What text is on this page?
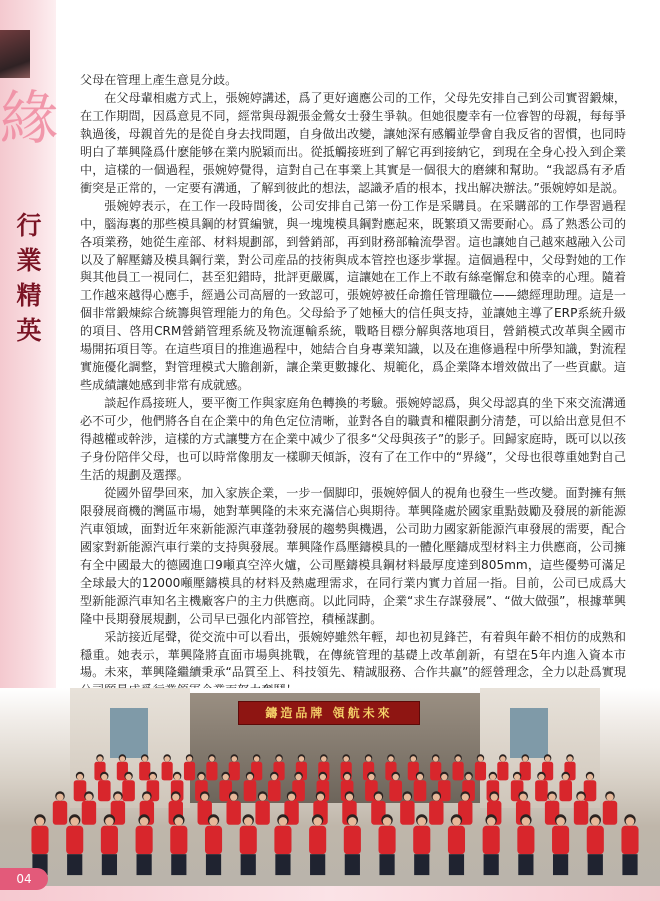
緣
行業精英

父母在管理上產生意見分歧。

在父母輩相處方式上，張婉婷講述，爲了更好適應公司的工作，父母先安排自己到公司實習鍛煉，在工作期間，因爲意見不同，經常與母親張金鶯女士發生爭執。但她很慶幸有一位睿智的母親，每每爭執過後，母親首先的是從自身去找問題，自身做出改變，讓她深有感觸並學會自我反省的習慣，也同時明白了華興隆爲什麽能够在業内脱穎而出。從抵觸接班到了解它再到接納它，到現在全身心投入到企業中，這樣的一個過程，張婉婷覺得，這對自己在事業上其實是一個很大的磨練和幫助。“我認爲有矛盾衝突是正常的，一定要有溝通，了解到彼此的想法，認識矛盾的根本，找出解决辦法。”張婉婷如是説。

張婉婷表示，在工作一段時間後，公司安排自己第一份工作是采購員。在采購部的工作學習過程中，腦海裏的那些模具鋼的材質編號，與一塊塊模具鋼對應起來，既繁瑣又需要耐心。爲了熟悉公司的各項業務，她從生産部、材料規劃部，到營銷部，再到財務部輪流學習。這也讓她自己越來越融入公司以及了解壓鑄及模具鋼行業，對公司産品的技術與成本管控也逐步掌握。這個過程中，父母對她的工作與其他員工一視同仁，甚至犯錯時，批評更嚴厲，這讓她在工作上不敢有絲毫懈怠和僥幸的心理。隨着工作越來越得心應手，經過公司高層的一致認可，張婉婷被任命擔任管理職位——總經理助理。這是一個非常鍛煉綜合統籌與管理能力的角色。父母給予了她極大的信任與支持，並讓她主導了ERP系統升級的項目、啓用CRM營銷管理系統及物流運輸系統，戰略目標分解與落地項目，營銷模式改革與全國市場開拓項目等。在這些項目的推進過程中，她結合自身專業知識，以及在進修過程中所學知識，對流程實施優化調整，對管理模式大膽創新，讓企業更數據化、規範化，爲企業降本增效做出了一些貢獻。這些成績讓她感到非常有成就感。

談起作爲接班人，要平衡工作與家庭角色轉換的考驗。張婉婷認爲，與父母認真的坐下來交流溝通必不可少，他們將各自在企業中的角色定位清晰，並對各自的職責和權限劃分清楚，可以給出意見但不得越權或幹涉，這樣的方式讓雙方在企業中减少了很多“父母與孩子”的影子。回歸家庭時，既可以以孩子身份陪伴父母，也可以時常像朋友一樣聊天傾訴，沒有了在工作中的“界綫”，父母也很尊重她對自己生活的規劃及選擇。

從國外留學回來，加入家族企業，一步一個脚印，張婉婷個人的視角也發生一些改變。面對擁有無限發展商機的灣區市場，她對華興隆的未來充滿信心與期待。華興隆處於國家重點鼓勵及發展的新能源汽車領域，面對近年來新能源汽車蓬勃發展的趨勢與機遇，公司助力國家新能源汽車發展的需要，配合國家對新能源汽車行業的支持與發展。華興隆作爲壓鑄模具的一體化壓鑄成型材料主力供應商，公司擁有全中國最大的德國進口9噸真空淬火爐，公司壓鑄模具鋼材料最厚度達到805mm，這些優勢可滿足全球最大的12000噸壓鑄模具的材料及熱處理需求，在同行業内實力首屈一指。目前，公司已成爲大型新能源汽車知名主機廠客户的主力供應商。以此同時，企業“求生存謀發展”、“做大做强”，根據華興隆中長期發展規劃，公司早已强化内部管控，積極謀劃。

采訪接近尾聲，從交流中可以看出，張婉婷雖然年輕，却也初見鋒芒，有着與年齡不相仿的成熟和穩重。她表示，華興隆將直面市場與挑戰，在傳統管理的基礎上改革創新，有望在5年内進入資本市場。未來，華興隆繼續秉承“品質至上、科技領先、精誠服務、合作共赢”的經營理念，全力以赴爲實現

鑄造品牌 領航未來
04
